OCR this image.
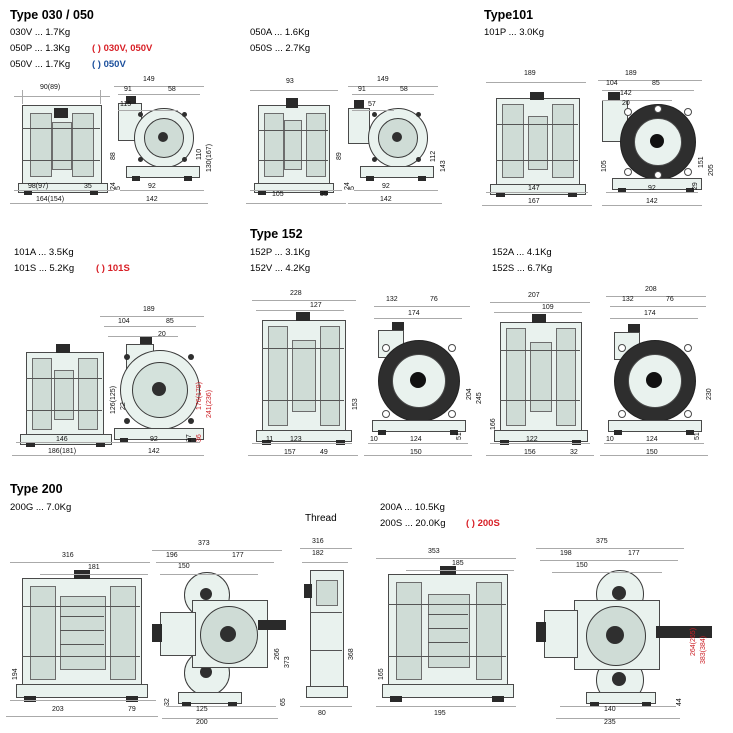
Type 030 / 050
030V ... 1.7Kg
050P ... 1.3Kg
050V ... 1.7Kg
( ) 030V, 050V
( ) 050V
050A ... 1.6Kg
050S ... 2.7Kg
Type101
101P ... 3.0Kg
101A ... 3.5Kg
101S ... 5.2Kg ( ) 101S
Type 152
152P ... 3.1Kg
152V ... 4.2Kg
152A ... 4.1Kg
152S ... 6.7Kg
Type 200
200G ... 7.0Kg	200A ... 10.5Kg
200S ... 20.0Kg ( ) 200S
Thread
90(89)
98(97)	35
164(154)
88
149
91	58
115
110 130(167)
92
142
5
24
93
105	35
89
149
91	58
57
112
143
92
142
5
24
189
147
167
189
104	85
142
20
105	151
205
29
92
142
146
186(181)
189
104	85
20
126(125) 22	176(179) 241(236)
27 36
92
142
228
127
153
11 123
157	49
132	76
174
204 245
51
10	124
150
207
109
166
122
156	32
208
132	76
174
230
51
10	124
150
316
181
194
203	79
373
196	177
150
266
373
32
125
200
65
316
182
368
80
353
185
165
195
375
198	177
150
264(265) 383(384)
44
140
235
